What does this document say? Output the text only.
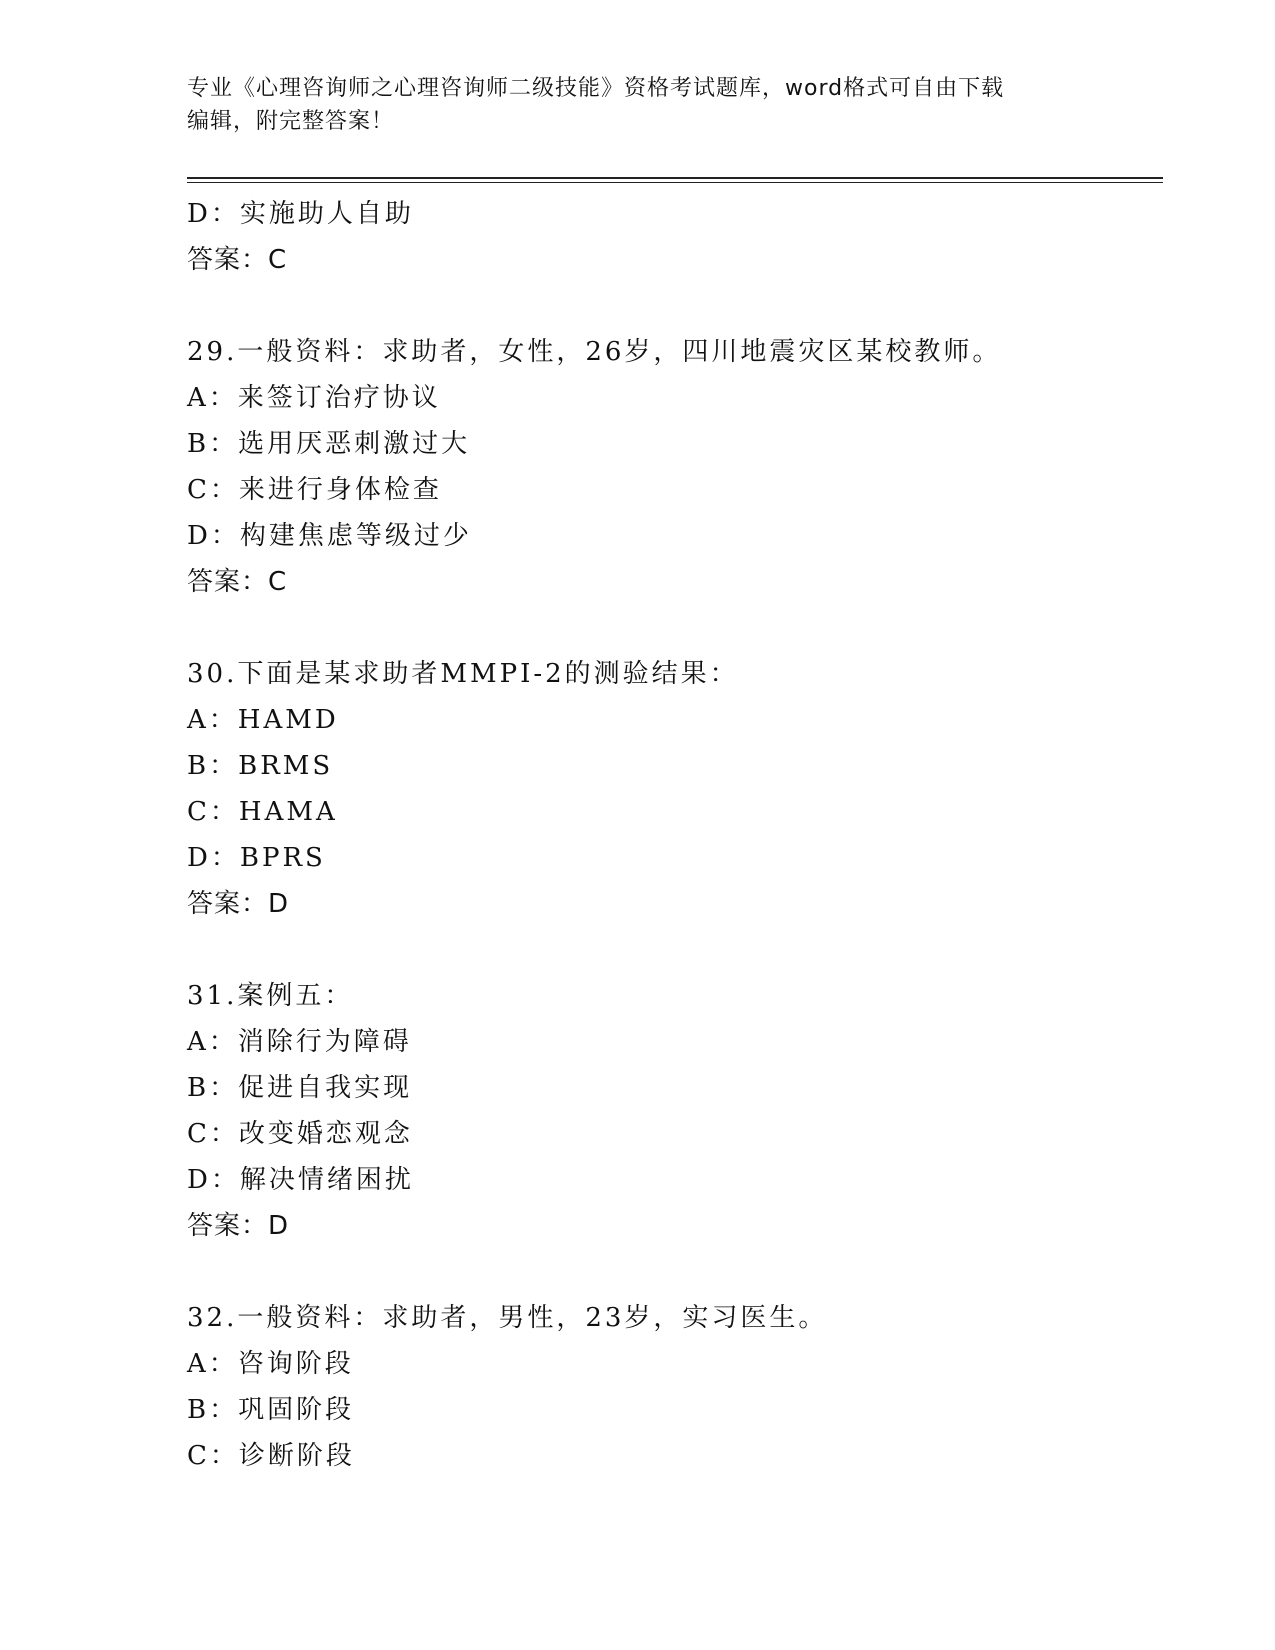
专业《心理咨询师之心理咨询师二级技能》资格考试题库，word格式可自由下载
编辑，附完整答案！
D：实施助人自助
答案：C
29.一般资料：求助者，女性，26岁，四川地震灾区某校教师。
A：来签订治疗协议
B：选用厌恶刺激过大
C：来进行身体检查
D：构建焦虑等级过少
答案：C
30.下面是某求助者MMPI-2的测验结果：
A：HAMD
B：BRMS
C：HAMA
D：BPRS
答案：D
31.案例五：
A：消除行为障碍
B：促进自我实现
C：改变婚恋观念
D：解决情绪困扰
答案：D
32.一般资料：求助者，男性，23岁，实习医生。
A：咨询阶段
B：巩固阶段
C：诊断阶段
